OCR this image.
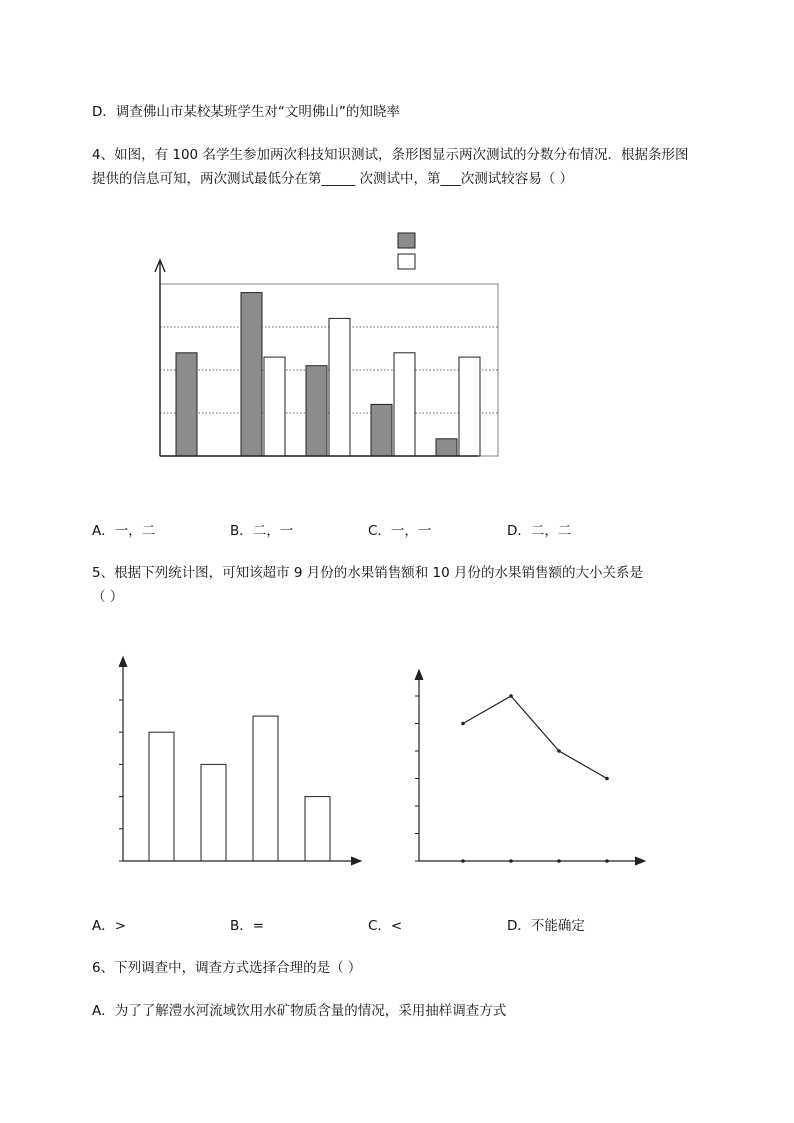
D．调查佛山市某校某班学生对“文明佛山”的知晓率
4、如图，有 100 名学生参加两次科技知识测试，条形图显示两次测试的分数分布情况．根据条形图
提供的信息可知，两次测试最低分在第_____ 次测试中，第___次测试较容易（ ）
A．一，二	B．二，一	C．一，一	D．二，二
5、根据下列统计图，可知该超市 9 月份的水果销售额和 10 月份的水果销售额的大小关系是
（ ）
A．>	B．=	C．<	D．不能确定
6、下列调查中，调查方式选择合理的是（ ）
A．为了了解澧水河流域饮用水矿物质含量的情况，采用抽样调查方式
